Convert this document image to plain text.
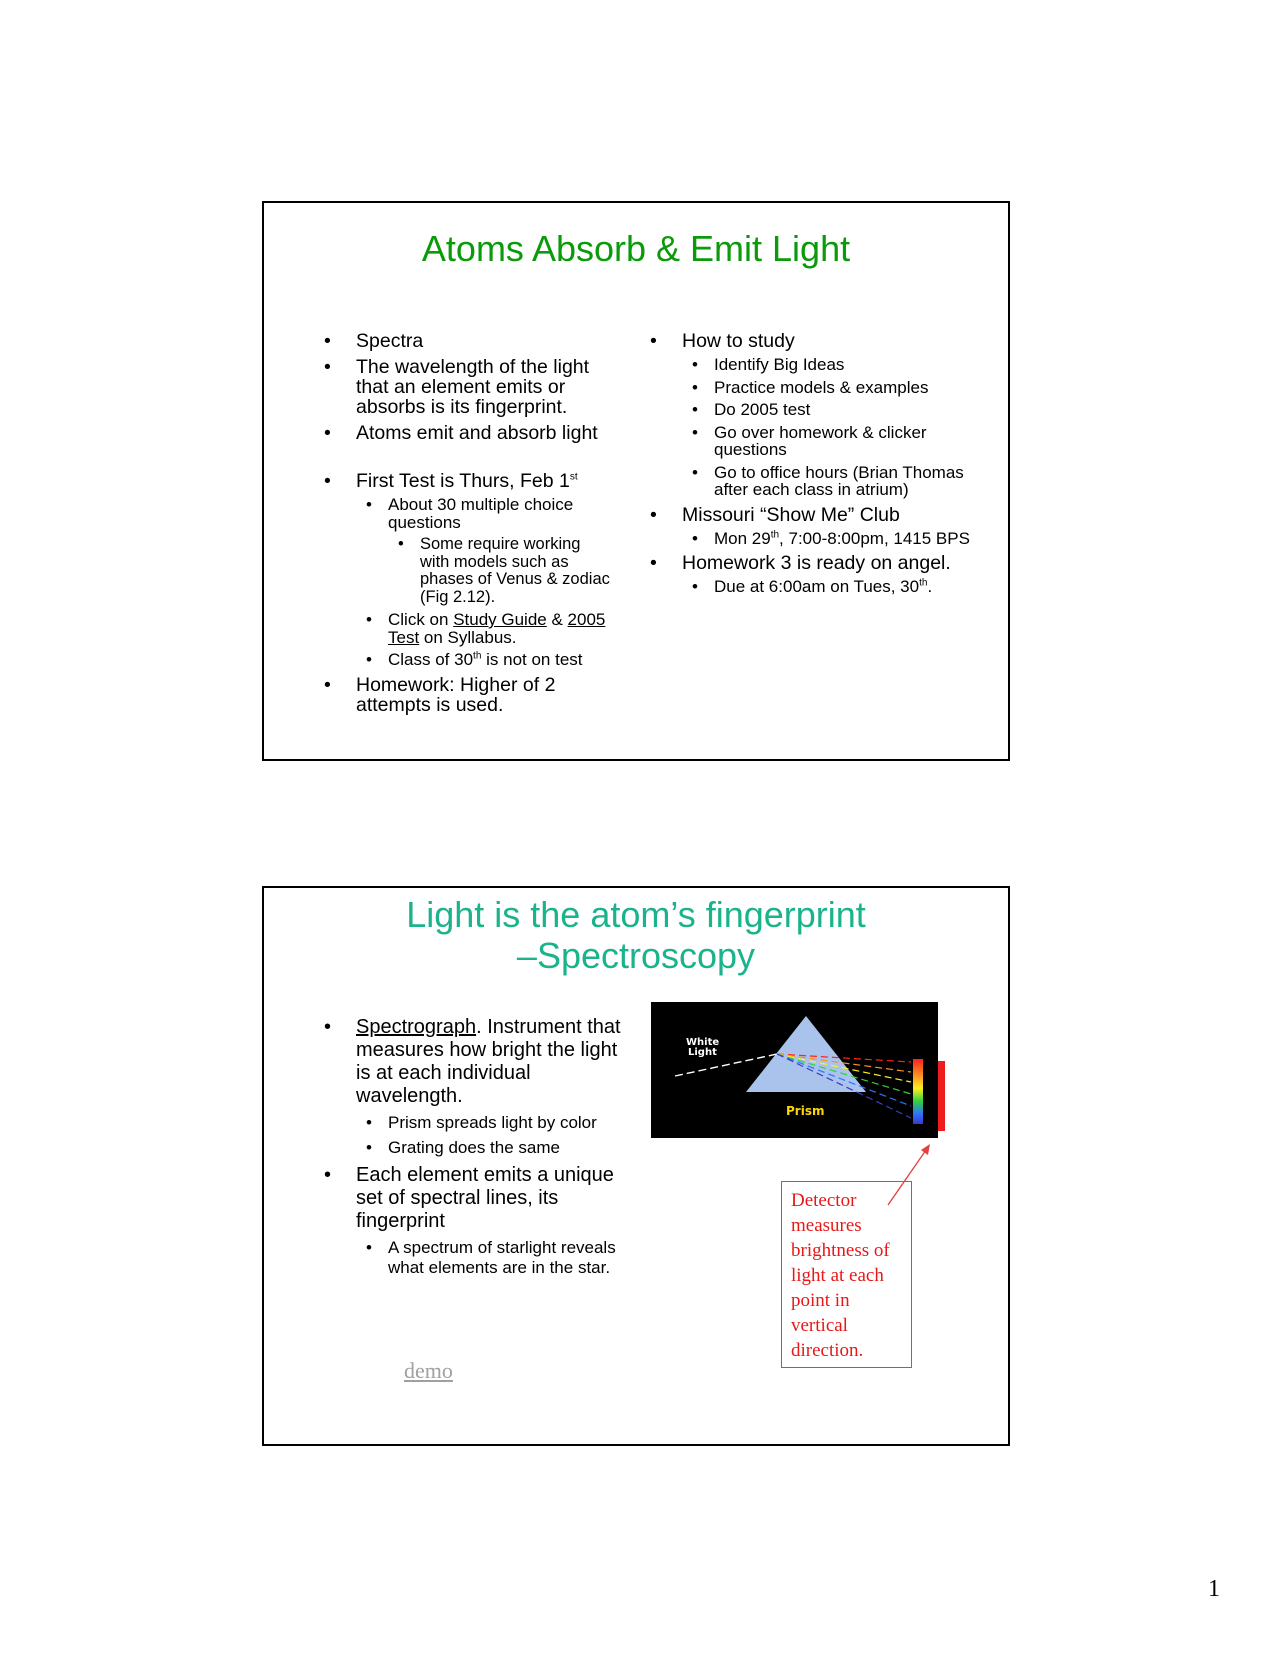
Atoms Absorb & Emit Light
• Spectra
• The wavelength of the light that an element emits or absorbs is its fingerprint.
• Atoms emit and absorb light
• First Test is Thurs, Feb 1st
• About 30 multiple choice questions
• Some require working with models such as phases of Venus & zodiac (Fig 2.12).
• Click on Study Guide & 2005 Test on Syllabus.
• Class of 30th is not on test
• Homework: Higher of 2 attempts is used.
• How to study
• Identify Big Ideas
• Practice models & examples
• Do 2005 test
• Go over homework & clicker questions
• Go to office hours (Brian Thomas after each class in atrium)
• Missouri “Show Me” Club
• Mon 29th, 7:00-8:00pm, 1415 BPS
• Homework 3 is ready on angel.
• Due at 6:00am on Tues, 30th.
Light is the atom’s fingerprint
–Spectroscopy
• Spectrograph. Instrument that measures how bright the light is at each individual wavelength.
• Prism spreads light by color
• Grating does the same
• Each element emits a unique set of spectral lines, its fingerprint
• A spectrum of starlight reveals what elements are in the star.
White
Light
Prism
Detector measures brightness of light at each point in vertical direction.
demo
1
